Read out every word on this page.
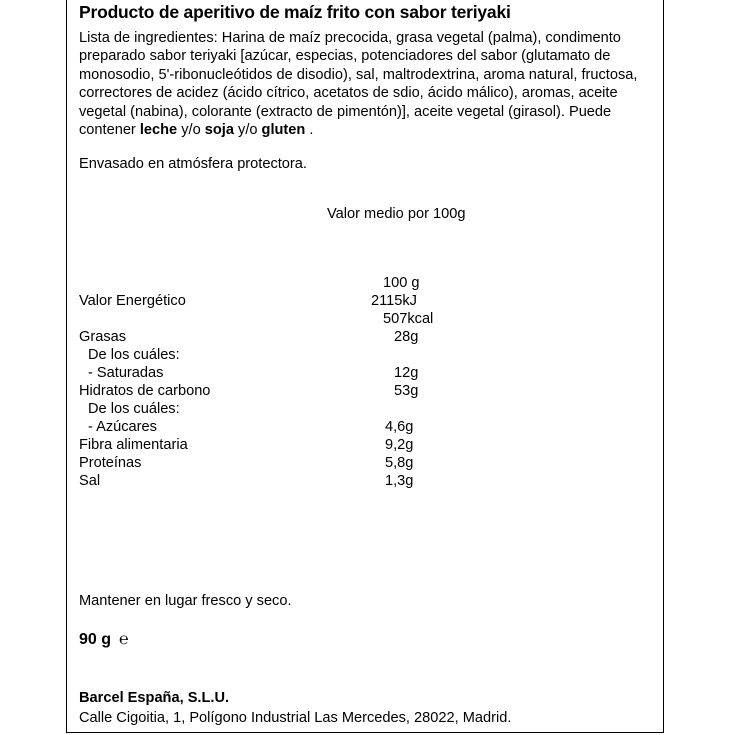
Producto de aperitivo de maíz frito con sabor teriyaki
Lista de ingredientes: Harina de maíz precocida, grasa vegetal (palma), condimento preparado sabor teriyaki [azúcar, especias, potenciadores del sabor (glutamato de monosodio, 5'-ribonucleótidos de disodio), sal, maltrodextrina, aroma natural, fructosa, correctores de acidez (ácido cítrico, acetatos de sdio, ácido málico), aromas, aceite vegetal (nabina), colorante (extracto de pimentón)], aceite vegetal (girasol). Puede contener leche y/o soja y/o gluten .
Envasado en atmósfera protectora.
Valor medio por 100g
100 g
Valor Energético	2115kJ
507kcal
Grasas	28g
De los cuáles:
- Saturadas	12g
Hidratos de carbono	53g
De los cuáles:
- Azúcares	4,6g
Fibra alimentaria	9,2g
Proteínas	5,8g
Sal	1,3g
Mantener en lugar fresco y seco.
90 g ℮
Barcel España, S.L.U.
Calle Cigoitia, 1, Polígono Industrial Las Mercedes, 28022, Madrid.
